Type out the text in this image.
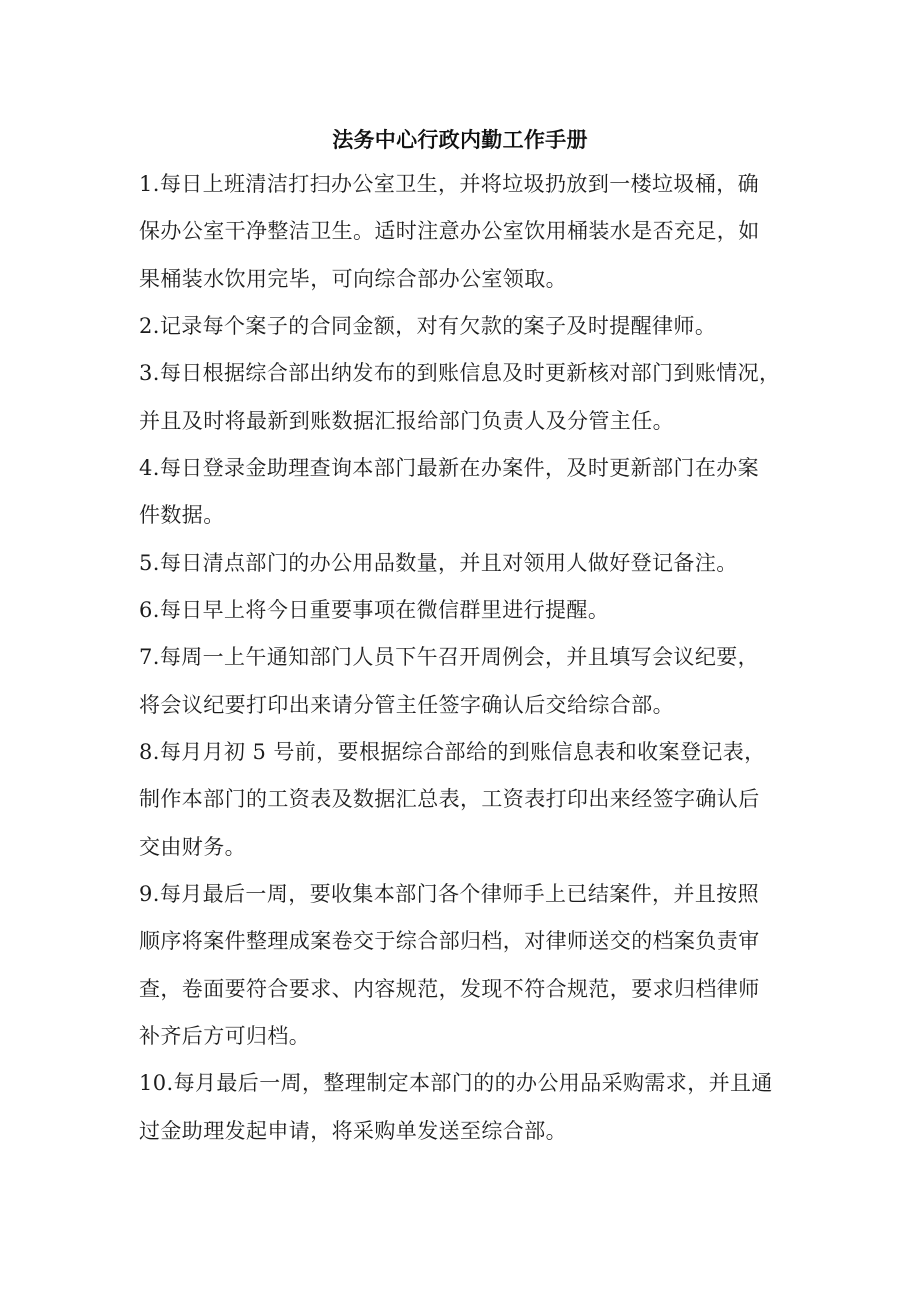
法务中心行政内勤工作手册
1.每日上班清洁打扫办公室卫生，并将垃圾扔放到一楼垃圾桶，确
保办公室干净整洁卫生。适时注意办公室饮用桶装水是否充足，如
果桶装水饮用完毕，可向综合部办公室领取。
2.记录每个案子的合同金额，对有欠款的案子及时提醒律师。
3.每日根据综合部出纳发布的到账信息及时更新核对部门到账情况，
并且及时将最新到账数据汇报给部门负责人及分管主任。
4.每日登录金助理查询本部门最新在办案件，及时更新部门在办案
件数据。
5.每日清点部门的办公用品数量，并且对领用人做好登记备注。
6.每日早上将今日重要事项在微信群里进行提醒。
7.每周一上午通知部门人员下午召开周例会，并且填写会议纪要，
将会议纪要打印出来请分管主任签字确认后交给综合部。
8.每月月初 5 号前，要根据综合部给的到账信息表和收案登记表，
制作本部门的工资表及数据汇总表，工资表打印出来经签字确认后
交由财务。
9.每月最后一周，要收集本部门各个律师手上已结案件，并且按照
顺序将案件整理成案卷交于综合部归档，对律师送交的档案负责审
查，卷面要符合要求、内容规范，发现不符合规范，要求归档律师
补齐后方可归档。
10.每月最后一周，整理制定本部门的的办公用品采购需求，并且通
过金助理发起申请，将采购单发送至综合部。
